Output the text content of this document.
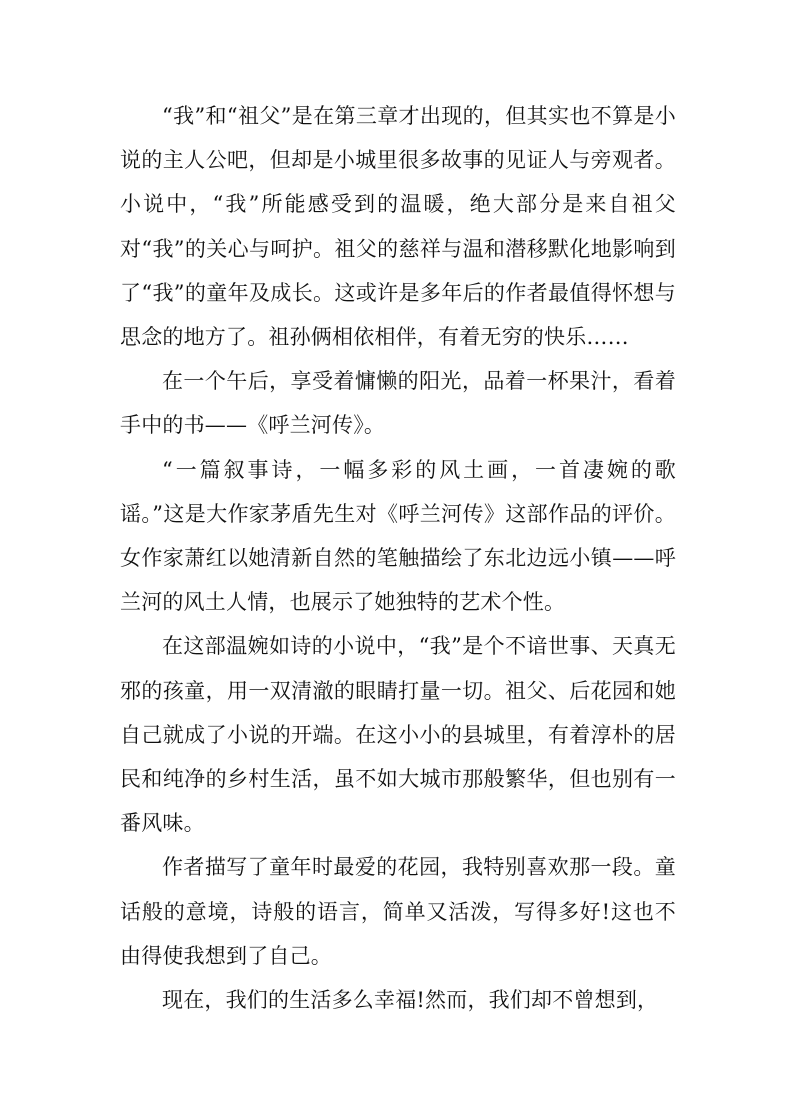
“我”和“祖父”是在第三章才出现的，但其实也不算是小说的主人公吧，但却是小城里很多故事的见证人与旁观者。小说中，“我”所能感受到的温暖，绝大部分是来自祖父对“我”的关心与呵护。祖父的慈祥与温和潜移默化地影响到了“我”的童年及成长。这或许是多年后的作者最值得怀想与思念的地方了。祖孙俩相依相伴，有着无穷的快乐……

在一个午后，享受着慵懒的阳光，品着一杯果汁，看着手中的书——《呼兰河传》。

“一篇叙事诗，一幅多彩的风土画，一首凄婉的歌谣。”这是大作家茅盾先生对《呼兰河传》这部作品的评价。女作家萧红以她清新自然的笔触描绘了东北边远小镇——呼兰河的风土人情，也展示了她独特的艺术个性。

在这部温婉如诗的小说中，“我”是个不谙世事、天真无邪的孩童，用一双清澈的眼睛打量一切。祖父、后花园和她自己就成了小说的开端。在这小小的县城里，有着淳朴的居民和纯净的乡村生活，虽不如大城市那般繁华，但也别有一番风味。

作者描写了童年时最爱的花园，我特别喜欢那一段。童话般的意境，诗般的语言，简单又活泼，写得多好!这也不由得使我想到了自己。

现在，我们的生活多么幸福!然而，我们却不曾想到，
